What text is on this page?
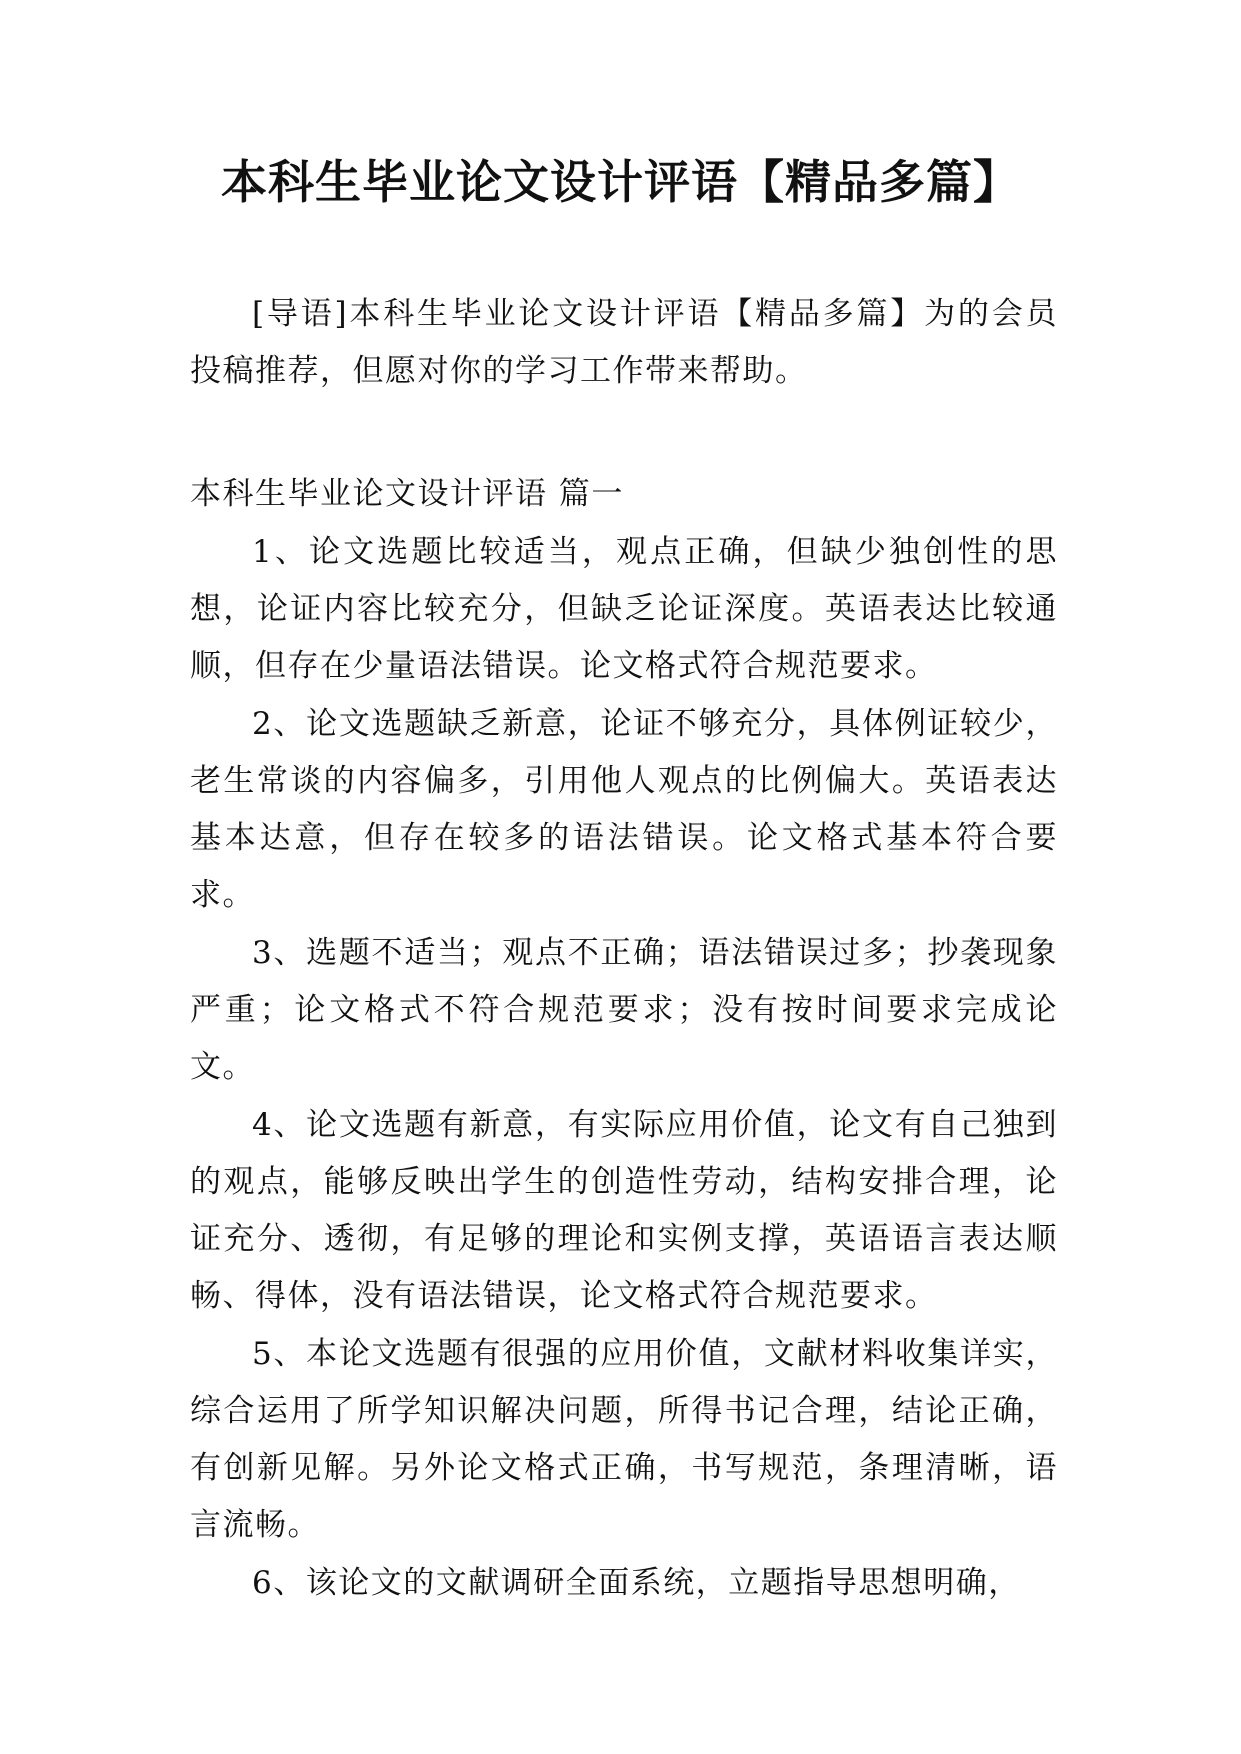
本科生毕业论文设计评语【精品多篇】

[导语]本科生毕业论文设计评语【精品多篇】为的会员投稿推荐，但愿对你的学习工作带来帮助。

本科生毕业论文设计评语 篇一

1、论文选题比较适当，观点正确，但缺少独创性的思想，论证内容比较充分，但缺乏论证深度。英语表达比较通顺，但存在少量语法错误。论文格式符合规范要求。

2、论文选题缺乏新意，论证不够充分，具体例证较少，老生常谈的内容偏多，引用他人观点的比例偏大。英语表达基本达意，但存在较多的语法错误。论文格式基本符合要求。

3、选题不适当；观点不正确；语法错误过多；抄袭现象严重；论文格式不符合规范要求；没有按时间要求完成论文。

4、论文选题有新意，有实际应用价值，论文有自己独到的观点，能够反映出学生的创造性劳动，结构安排合理，论证充分、透彻，有足够的理论和实例支撑，英语语言表达顺畅、得体，没有语法错误，论文格式符合规范要求。

5、本论文选题有很强的应用价值，文献材料收集详实，综合运用了所学知识解决问题，所得书记合理，结论正确，有创新见解。另外论文格式正确，书写规范，条理清晰，语言流畅。

6、该论文的文献调研全面系统，立题指导思想明确，
